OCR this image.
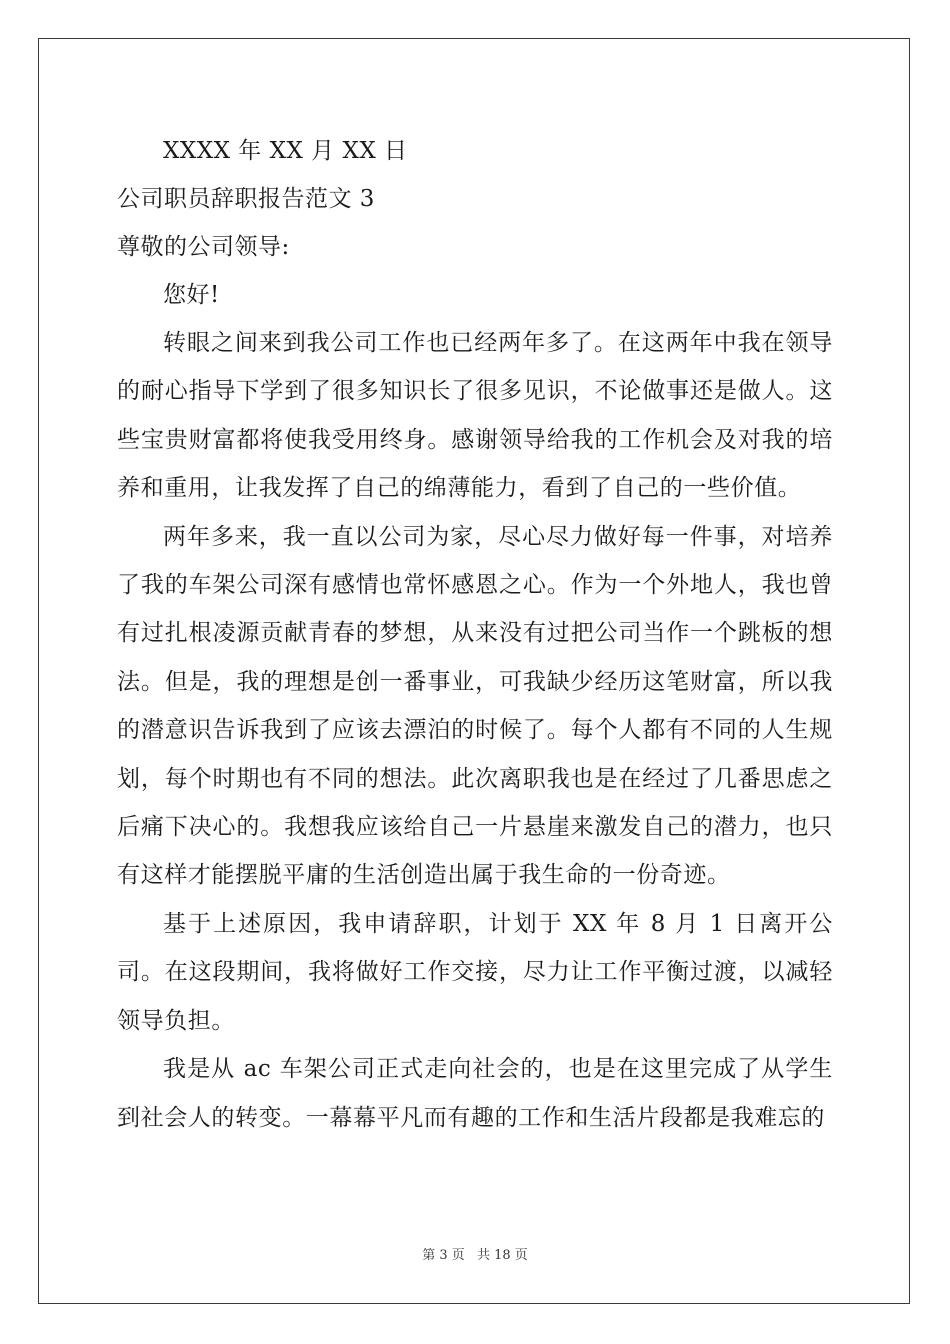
XXXX 年 XX 月 XX 日
公司职员辞职报告范文 3
尊敬的公司领导:
您好!

转眼之间来到我公司工作也已经两年多了。在这两年中我在领导的耐心指导下学到了很多知识长了很多见识，不论做事还是做人。这些宝贵财富都将使我受用终身。感谢领导给我的工作机会及对我的培养和重用，让我发挥了自己的绵薄能力，看到了自己的一些价值。

两年多来，我一直以公司为家，尽心尽力做好每一件事，对培养了我的车架公司深有感情也常怀感恩之心。作为一个外地人，我也曾有过扎根凌源贡献青春的梦想，从来没有过把公司当作一个跳板的想法。但是，我的理想是创一番事业，可我缺少经历这笔财富，所以我的潜意识告诉我到了应该去漂泊的时候了。每个人都有不同的人生规划，每个时期也有不同的想法。此次离职我也是在经过了几番思虑之后痛下决心的。我想我应该给自己一片悬崖来激发自己的潜力，也只有这样才能摆脱平庸的生活创造出属于我生命的一份奇迹。

基于上述原因，我申请辞职，计划于 XX 年 8 月 1 日离开公司。在这段期间，我将做好工作交接，尽力让工作平衡过渡，以减轻领导负担。

我是从 ac 车架公司正式走向社会的，也是在这里完成了从学生到社会人的转变。一幕幕平凡而有趣的工作和生活片段都是我难忘的

第 3 页 共 18 页
